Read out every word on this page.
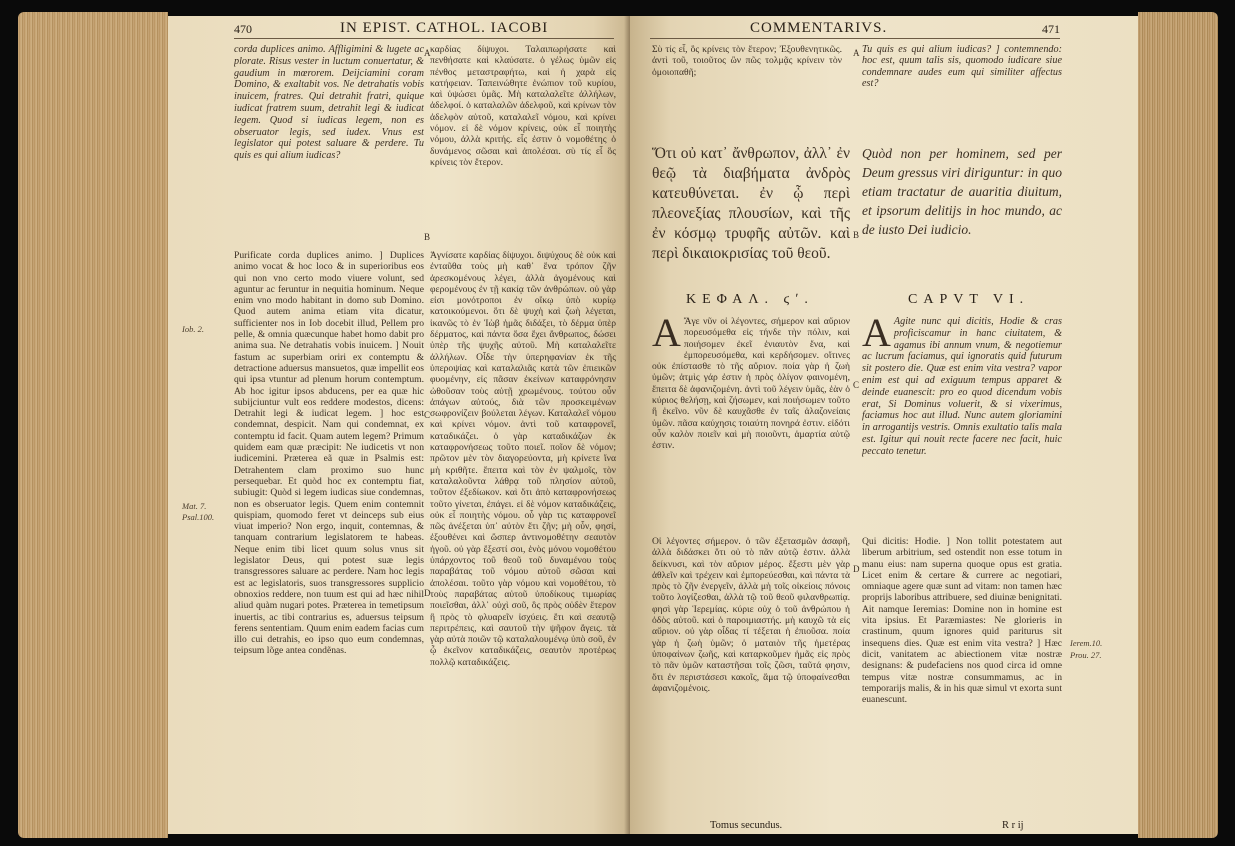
470	IN EPIST. CATHOL. IACOBI
corda duplices animo. Affligimini & lugete ac plorate. Risus vester in luctum conuertatur, & gaudium in mœrorem. Deijciamini coram Domino, & exaltabit vos. Ne detrahatis vobis inuicem, fratres. Qui detrahit fratri, quique iudicat fratrem suum, detrahit legi & iudicat legem. Quod si iudicas legem, non es obseruator legis, sed iudex. Vnus est legislator qui potest saluare & perdere. Tu quis es qui alium iudicas?
καρδίας δίψυχοι. Ταλαιπωρήσατε καὶ πενθήσατε καὶ κλαύσατε. ὁ γέλως ὑμῶν εἰς πένθος μεταστραφήτω, καὶ ἡ χαρὰ εἰς κατήφειαν. Ταπεινώθητε ἐνώπιον τοῦ κυρίου, καὶ ὑψώσει ὑμᾶς. Μὴ καταλαλεῖτε ἀλλήλων, ἀδελφοί. ὁ καταλαλῶν ἀδελφοῦ, καὶ κρίνων τὸν ἀδελφὸν αὐτοῦ, καταλαλεῖ νόμου, καὶ κρίνει νόμον. εἰ δὲ νόμον κρίνεις, οὐκ εἶ ποιητὴς νόμου, ἀλλὰ κριτής. εἷς ἐστιν ὁ νομοθέτης ὁ δυνάμενος σῶσαι καὶ ἀπολέσαι. σὺ τίς εἶ ὃς κρίνεις τὸν ἕτερον.
Purificate corda duplices animo. ] Duplices animo vocat & hoc loco & in superioribus eos qui non vno certo modo viuere volunt, sed aguntur ac feruntur in nequitia hominum. Neque enim vno modo habitant in domo sub Domino. Quod autem anima etiam vita dicatur, sufficienter nos in Iob docebit illud, Pellem pro pelle, & omnia quæcunque habet homo dabit pro anima sua. Ne detrahatis vobis inuicem. ] Nouit fastum ac superbiam oriri ex contemptu & detractione aduersus mansuetos, quæ impellit eos qui ipsa vtuntur ad plenum horum contemptum. Ab hoc igitur ipsos abducens, per ea quæ hic subijciuntur vult eos reddere modestos, dicens: Detrahit legi & iudicat legem. ] hoc est condemnat, despicit. Nam qui condemnat, ex contemptu id facit. Quam autem legem? Primum quidem eam quæ præcipit: Ne iudicetis vt non iudicemini. Præterea eã quæ in Psalmis est: Detrahentem clam proximo suo hunc persequebar. Et quòd hoc ex contemptu fiat, subiugit: Quòd si legem iudicas siue condemnas, non es obseruator legis. Quem enim contemnit quispiam, quomodo feret vt deinceps sub eius viuat imperio? Non ergo, inquit, contemnas, & tanquam contrarium legislatorem te habeas. Neque enim tibi licet quum solus vnus sit legislator Deus, qui potest suæ legis transgressores saluare ac perdere. Nam hoc legis est ac legislatoris, suos transgressores supplicio obnoxios reddere, non tuum est qui ad hæc nihil aliud quàm nugari potes. Præterea in temetipsum inuertis, ac tibi contrarius es, aduersus teipsum ferens sententiam. Quum enim eadem facias cum illo cui detrahis, eo ipso quo eum condemnas, teipsum lõge antea condẽnas.
Ἁγνίσατε καρδίας δίψυχοι. διψύχους δὲ οὐκ καὶ ἐνταῦθα τοὺς μὴ καθ᾽ ἕνα τρόπον ζῆν ἀρεσκομένους λέγει, ἀλλὰ ἀγομένους καὶ φερομένους ἐν τῇ κακίᾳ τῶν ἀνθρώπων. οὐ γὰρ εἰσι μονότροποι ἐν οἴκῳ ὑπὸ κυρίῳ κατοικούμενοι. ὅτι δὲ ψυχὴ καὶ ζωὴ λέγεται, ἱκανῶς τὸ ἐν Ἰὼβ ἡμᾶς διδάξει, τὸ δέρμα ὑπὲρ δέρματος, καὶ πάντα ὅσα ἔχει ἄνθρωπος, δώσει ὑπὲρ τῆς ψυχῆς αὐτοῦ. Μὴ καταλαλεῖτε ἀλλήλων. Οἶδε τὴν ὑπερηφανίαν ἐκ τῆς ὑπεροψίας καὶ καταλαλιᾶς κατὰ τῶν ἐπιεικῶν φυομένην, εἰς πᾶσαν ἐκείνων καταφρόνησιν ὠθοῦσαν τοὺς αὐτῇ χρωμένους. τούτου οὖν ἀπάγων αὐτούς, διὰ τῶν προσκειμένων σωφρονίζειν βούλεται λέγων. Καταλαλεῖ νόμου καὶ κρίνει νόμον. ἀντὶ τοῦ καταφρονεῖ, καταδικάζει. ὁ γὰρ καταδικάζων ἐκ καταφρονήσεως τοῦτο ποιεῖ. ποῖον δὲ νόμον; πρῶτον μὲν τὸν διαγορεύοντα, μὴ κρίνετε ἵνα μὴ κριθῆτε. ἔπειτα καὶ τὸν ἐν ψαλμοῖς, τὸν καταλαλοῦντα λάθρᾳ τοῦ πλησίον αὐτοῦ, τοῦτον ἐξεδίωκον. καὶ ὅτι ἀπὸ καταφρονήσεως τοῦτο γίνεται, ἐπάγει. εἰ δὲ νόμον καταδικάζεις, οὐκ εἶ ποιητὴς νόμου. οὗ γὰρ τις καταφρονεῖ πῶς ἀνέξεται ὑπ᾽ αὐτὸν ἔτι ζῆν; μὴ οὖν, φησί, ἐξουθένει καὶ ὥσπερ ἀντινομοθέτην σεαυτὸν ἡγοῦ. οὐ γὰρ ἔξεστί σοι, ἑνὸς μόνου νομοθέτου ὑπάρχοντος τοῦ θεοῦ τοῦ δυναμένου τοὺς παραβάτας τοῦ νόμου αὐτοῦ σῶσαι καὶ ἀπολέσαι. τοῦτο γὰρ νόμου καὶ νομοθέτου, τὸ τοὺς παραβάτας αὐτοῦ ὑποδίκους τιμωρίας ποιεῖσθαι, ἀλλ᾽ οὐχὶ σοῦ, ὃς πρὸς οὐδὲν ἕτερον ἢ πρὸς τὸ φλυαρεῖν ἰσχύεις. ἔτι καὶ σεαυτῷ περιτρέπεις, καὶ σαυτοῦ τὴν ψῆφον ἄγεις. τὰ γὰρ αὐτὰ ποιῶν τῷ καταλαλουμένῳ ὑπὸ σοῦ, ἐν ᾧ ἐκεῖνον καταδικάζεις, σεαυτὸν προτέρως πολλῷ καταδικάζεις.
Iob. 2.
Mat. 7.
Psal.100.
A
B
C
D
COMMENTARIVS.	471
Σὺ τίς εἶ, ὃς κρίνεις τὸν ἕτερον; Ἐξουθενητικῶς. ἀντὶ τοῦ, τοιοῦτος ὢν πῶς τολμᾷς κρίνειν τὸν ὁμοιοπαθῆ;
Tu quis es qui alium iudicas? ] contemnendo: hoc est, quum talis sis, quomodo iudicare siue condemnare audes eum qui similiter affectus est?
Ὅτι οὐ κατ᾽ ἄνθρωπον, ἀλλ᾽ ἐν θεῷ τὰ διαβήματα ἀνδρὸς κατευθύνεται. ἐν ᾧ περὶ πλεονεξίας πλουσίων, καὶ τῆς ἐν κόσμῳ τρυφῆς αὐτῶν. καὶ περὶ δικαιοκρισίας τοῦ θεοῦ.
Quòd non per hominem, sed per Deum gressus viri diriguntur: in quo etiam tractatur de auaritia diuitum, et ipsorum delitijs in hoc mundo, ac de iusto Dei iudicio.
ΚΕΦΑΛ. ϛʹ.	CAPVT VI.
Α Ἄγε νῦν οἱ λέγοντες, σήμερον καὶ αὔριον πορευσόμεθα εἰς τήνδε τὴν πόλιν, καὶ ποιήσομεν ἐκεῖ ἐνιαυτὸν ἕνα, καὶ ἐμπορευσόμεθα, καὶ κερδήσομεν. οἵτινες οὐκ ἐπίστασθε τὸ τῆς αὔριον. ποία γὰρ ἡ ζωὴ ὑμῶν; ἀτμὶς γάρ ἐστιν ἡ πρὸς ὀλίγον φαινομένη, ἔπειτα δὲ ἀφανιζομένη. ἀντὶ τοῦ λέγειν ὑμᾶς, ἐὰν ὁ κύριος θελήσῃ, καὶ ζήσωμεν, καὶ ποιήσωμεν τοῦτο ἢ ἐκεῖνο. νῦν δὲ καυχᾶσθε ἐν ταῖς ἀλαζονείαις ὑμῶν. πᾶσα καύχησις τοιαύτη πονηρά ἐστιν. εἰδότι οὖν καλὸν ποιεῖν καὶ μὴ ποιοῦντι, ἁμαρτία αὐτῷ ἐστιν.
A Agite nunc qui dicitis, Hodie & cras proficiscamur in hanc ciuitatem, & agamus ibi annum vnum, & negotiemur ac lucrum faciamus, qui ignoratis quid futurum sit postero die. Quæ est enim vita vestra? vapor enim est qui ad exiguum tempus apparet & deinde euanescit: pro eo quod dicendum vobis erat, Si Dominus voluerit, & si vixerimus, faciamus hoc aut illud. Nunc autem gloriamini in arrogantijs vestris. Omnis exultatio talis mala est. Igitur qui nouit recte facere nec facit, huic peccato tenetur.
Οἱ λέγοντες σήμερον. ὁ τῶν ἐξετασμῶν ἀσαφῆ, ἀλλὰ διδάσκει ὅτι οὐ τὸ πᾶν αὐτῷ ἐστιν. ἀλλὰ δείκνυσι, καὶ τὸν αὔριον μέρος. ἔξεστι μὲν γὰρ ἀθλεῖν καὶ τρέχειν καὶ ἐμπορεύεσθαι, καὶ πάντα τὰ πρὸς τὸ ζῆν ἐνεργεῖν, ἀλλὰ μὴ τοῖς οἰκείοις πόνοις τοῦτο λογίζεσθαι, ἀλλὰ τῷ τοῦ θεοῦ φιλανθρωπίᾳ. φησὶ γὰρ Ἱερεμίας. κύριε οὐχ ὁ τοῦ ἀνθρώπου ἡ ὁδὸς αὐτοῦ. καὶ ὁ παροιμιαστής. μὴ καυχῶ τὰ εἰς αὔριον. οὐ γὰρ οἶδας τί τέξεται ἡ ἐπιοῦσα. ποία γὰρ ἡ ζωὴ ὑμῶν; ὁ ματαιὸν τῆς ἡμετέρας ὑποφαίνων ζωῆς, καὶ καταρκοῦμεν ἡμᾶς εἰς πρὸς τὸ πᾶν ὑμῶν καταστῆσαι τοῖς ζῶσι, ταῦτά φησιν, ὅτι ἐν περιστάσεσι κακοῖς, ἅμα τῷ ὑποφαίνεσθαι ἀφανιζομένοις.
Qui dicitis: Hodie. ] Non tollit potestatem aut liberum arbitrium, sed ostendit non esse totum in manu eius: nam superna quoque opus est gratia. Licet enim & certare & currere ac negotiari, omniaque agere quæ sunt ad vitam: non tamen hæc proprijs laboribus attribuere, sed diuinæ benignitati. Ait namque Ieremias: Domine non in homine est vita ipsius. Et Paræmiastes: Ne glorieris in crastinum, quum ignores quid pariturus sit insequens dies. Quæ est enim vita vestra? ] Hæc dicit, vanitatem ac abiectionem vitæ nostræ designans: & pudefaciens nos quod circa id omne tempus vitæ nostræ consummamus, ac in temporarijs malis, & in his quæ simul vt exorta sunt euanescunt.
Tomus secundus.	R r ij
Ierem.10.
Prou. 27.
A
B
C
D
